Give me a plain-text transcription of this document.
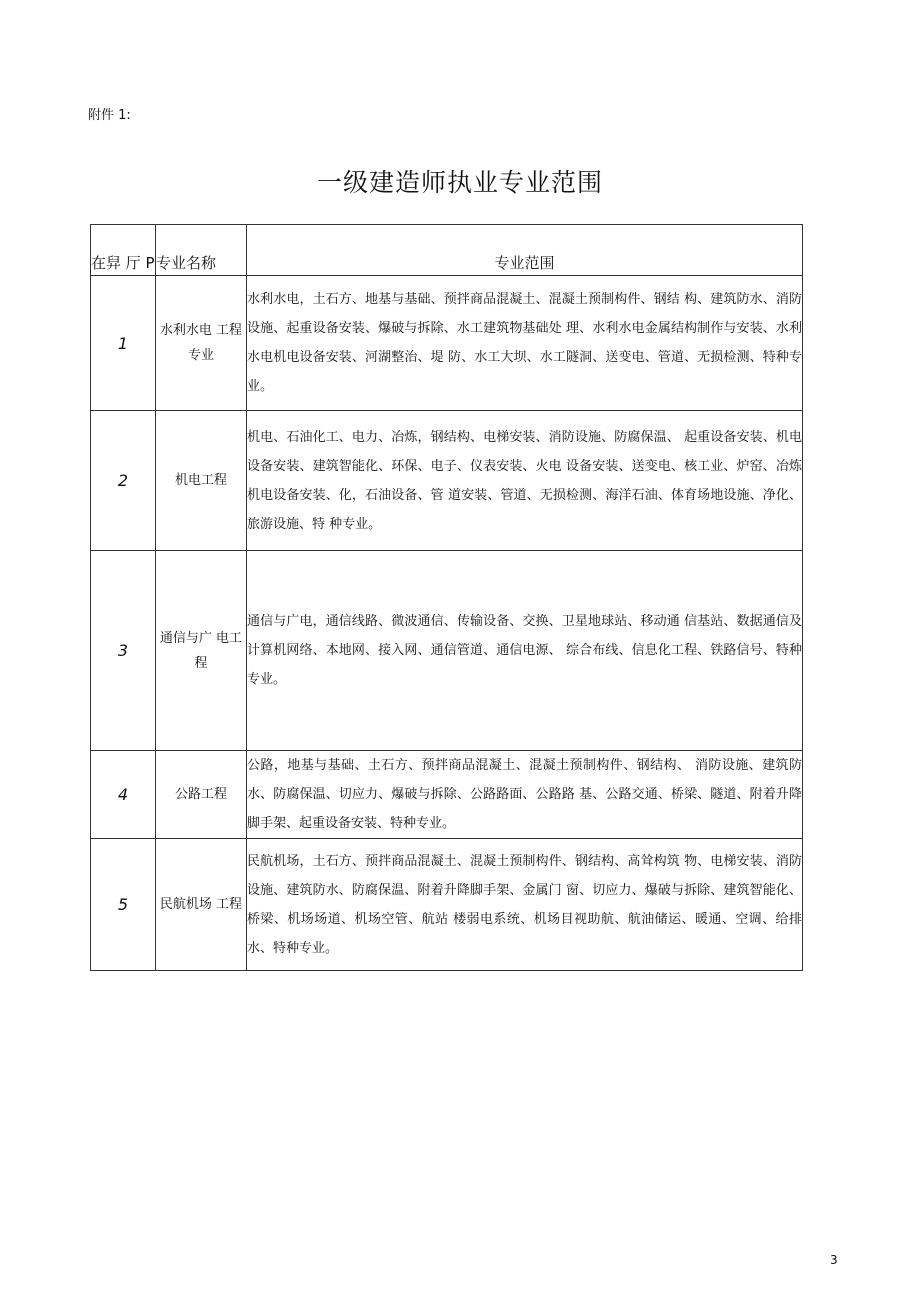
附件 1:
一级建造师执业专业范围
在舁 厅 P	专业名称	专业范围
1	水利水电 工程专业	水利水电，土石方、地基与基础、预拌商品混凝土、混凝土预制构件、钢结 构、建筑防水、消防设施、起重设备安装、爆破与拆除、水工建筑物基础处 理、水利水电金属结构制作与安装、水利水电机电设备安装、河湖整治、堤 防、水工大坝、水工隧洞、送变电、管道、无损检测、特种专业。
2	机电工程	机电、石油化工、电力、冶炼，钢结构、电梯安装、消防设施、防腐保温、 起重设备安装、机电设备安装、建筑智能化、环保、电子、仪表安装、火电 设备安装、送变电、核工业、炉窑、冶炼机电设备安装、化，石油设备、管 道安装、管道、无损检测、海洋石油、体育场地设施、净化、旅游设施、特 种专业。
3	通信与广 电工程	通信与广电，通信线路、微波通信、传输设备、交换、卫星地球站、移动通 信基站、数据通信及计算机网络、本地网、接入网、通信管道、通信电源、 综合布线、信息化工程、铁路信号、特种专业。
4	公路工程	公路，地基与基础、土石方、预拌商品混凝土、混凝土预制构件、钢结构、 消防设施、建筑防水、防腐保温、切应力、爆破与拆除、公路路面、公路路 基、公路交通、桥梁、隧道、附着升降脚手架、起重设备安装、特种专业。
5	民航机场 工程	民航机场，土石方、预拌商品混凝土、混凝土预制构件、钢结构、高耸构筑 物、电梯安装、消防设施、建筑防水、防腐保温、附着升降脚手架、金属门 窗、切应力、爆破与拆除、建筑智能化、桥梁、机场场道、机场空管、航站 楼弱电系统、机场目视助航、航油储运、暖通、空调、给排水、特种专业。
3
